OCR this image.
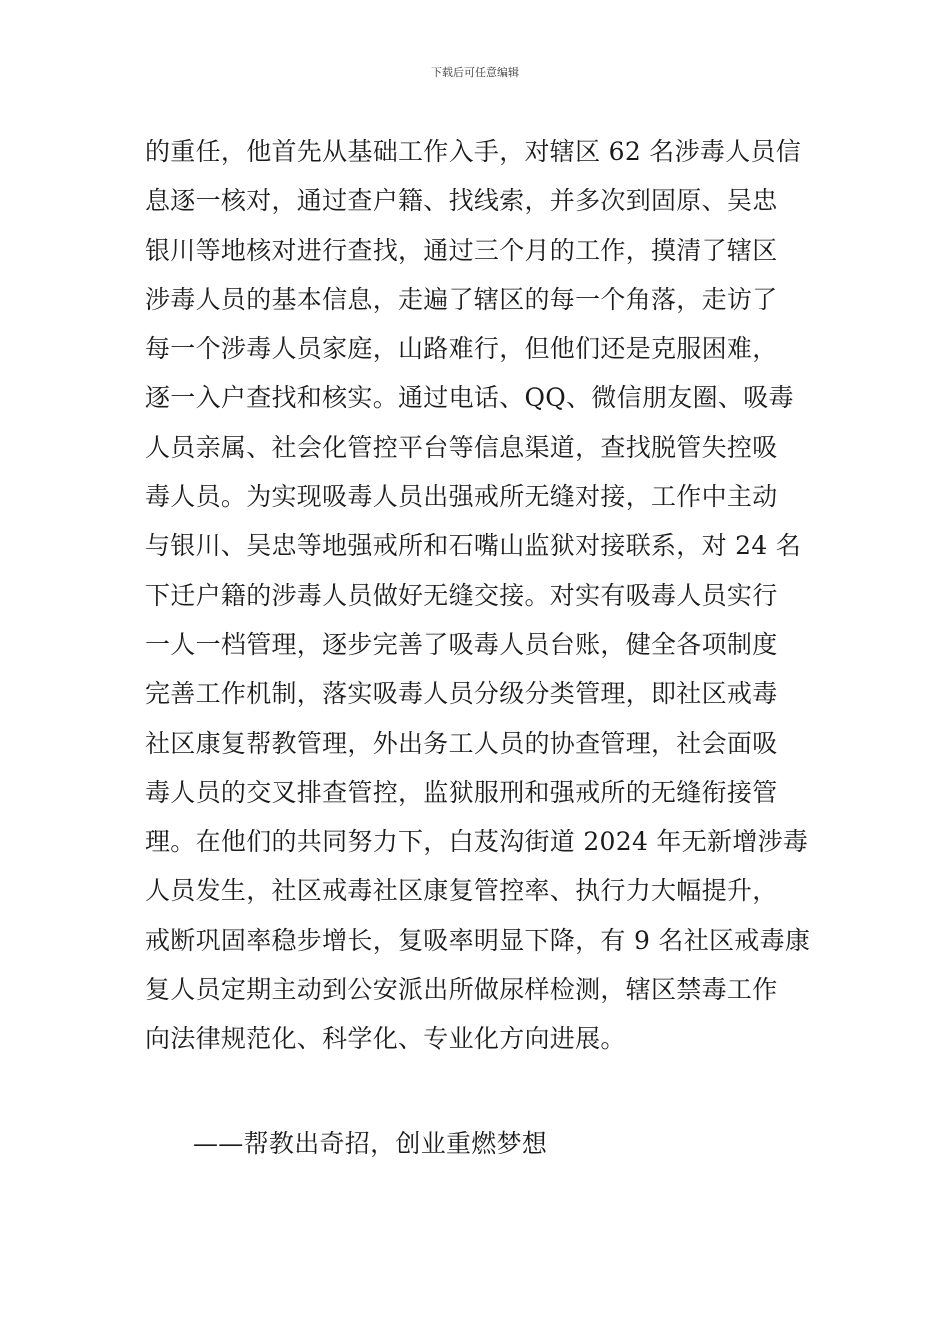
下载后可任意编辑
的重任，他首先从基础工作入手，对辖区 62 名涉毒人员信
息逐一核对，通过查户籍、找线索，并多次到固原、吴忠
银川等地核对进行查找，通过三个月的工作，摸清了辖区
涉毒人员的基本信息，走遍了辖区的每一个角落，走访了
每一个涉毒人员家庭，山路难行，但他们还是克服困难，
逐一入户查找和核实。通过电话、QQ、微信朋友圈、吸毒
人员亲属、社会化管控平台等信息渠道，查找脱管失控吸
毒人员。为实现吸毒人员出强戒所无缝对接，工作中主动
与银川、吴忠等地强戒所和石嘴山监狱对接联系，对 24 名
下迁户籍的涉毒人员做好无缝交接。对实有吸毒人员实行
一人一档管理，逐步完善了吸毒人员台账，健全各项制度
完善工作机制，落实吸毒人员分级分类管理，即社区戒毒
社区康复帮教管理，外出务工人员的协查管理，社会面吸
毒人员的交叉排查管控，监狱服刑和强戒所的无缝衔接管
理。在他们的共同努力下，白芨沟街道 2024 年无新增涉毒
人员发生，社区戒毒社区康复管控率、执行力大幅提升，
戒断巩固率稳步增长，复吸率明显下降，有 9 名社区戒毒康
复人员定期主动到公安派出所做尿样检测，辖区禁毒工作
向法律规范化、科学化、专业化方向进展。
——帮教出奇招，创业重燃梦想
